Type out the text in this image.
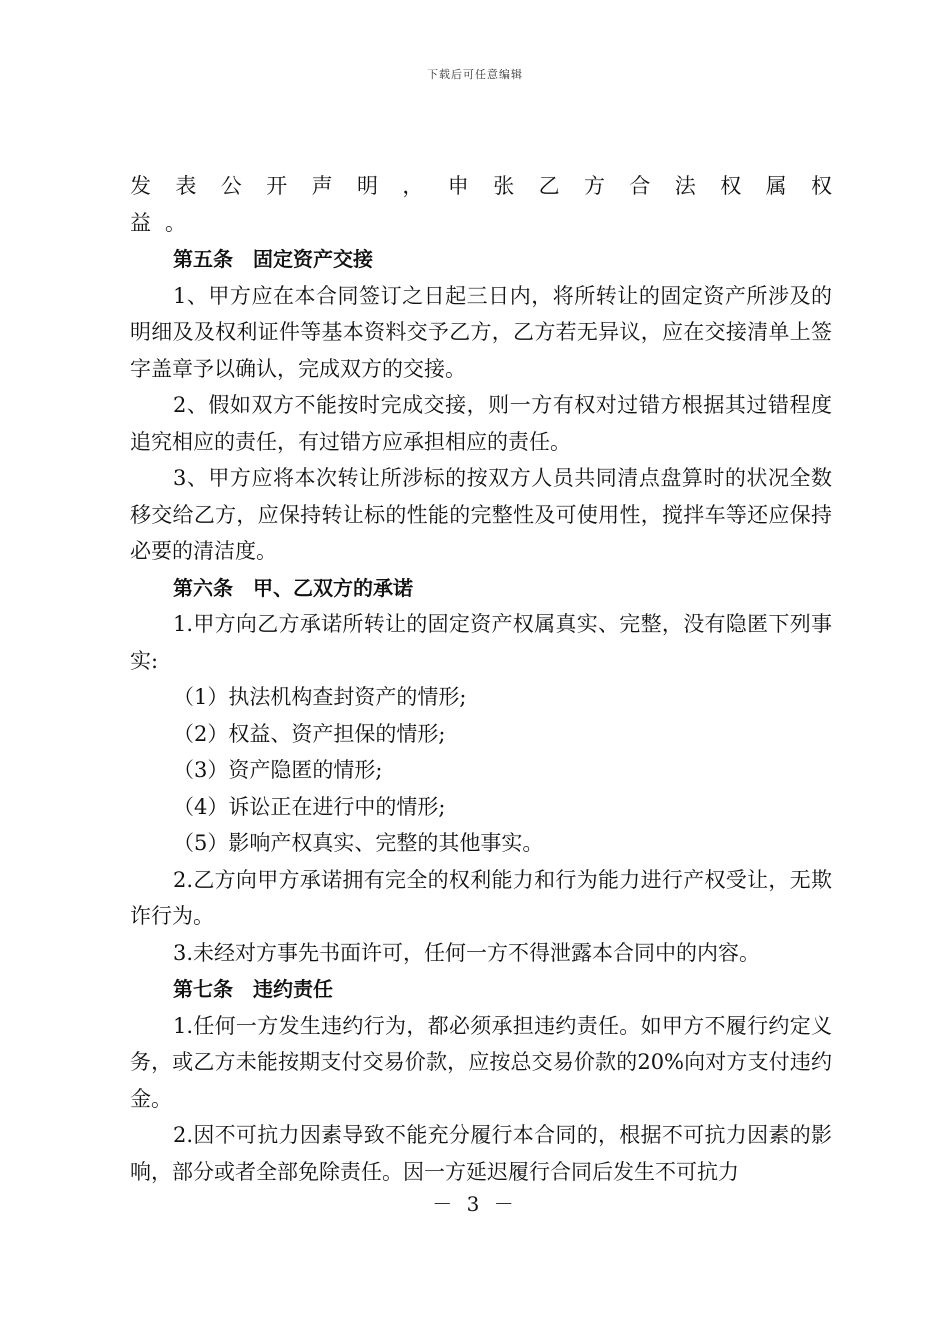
下载后可任意编辑

发表公开声明，申张乙方合法权属权

益。

第五条 固定资产交接

1、甲方应在本合同签订之日起三日内，将所转让的固定资产所涉及的明细及及权利证件等基本资料交予乙方，乙方若无异议，应在交接清单上签字盖章予以确认，完成双方的交接。

2、假如双方不能按时完成交接，则一方有权对过错方根据其过错程度追究相应的责任，有过错方应承担相应的责任。

3、甲方应将本次转让所涉标的按双方人员共同清点盘算时的状况全数移交给乙方，应保持转让标的性能的完整性及可使用性，搅拌车等还应保持必要的清洁度。

第六条 甲、乙双方的承诺

1.甲方向乙方承诺所转让的固定资产权属真实、完整，没有隐匿下列事实:

（1）执法机构查封资产的情形;

（2）权益、资产担保的情形;

（3）资产隐匿的情形;

（4）诉讼正在进行中的情形;

（5）影响产权真实、完整的其他事实。

2.乙方向甲方承诺拥有完全的权利能力和行为能力进行产权受让，无欺诈行为。

3.未经对方事先书面许可，任何一方不得泄露本合同中的内容。

第七条 违约责任

1.任何一方发生违约行为，都必须承担违约责任。如甲方不履行约定义务，或乙方未能按期支付交易价款，应按总交易价款的20%向对方支付违约金。

2.因不可抗力因素导致不能充分履行本合同的，根据不可抗力因素的影响，部分或者全部免除责任。因一方延迟履行合同后发生不可抗力

－ 3 －
